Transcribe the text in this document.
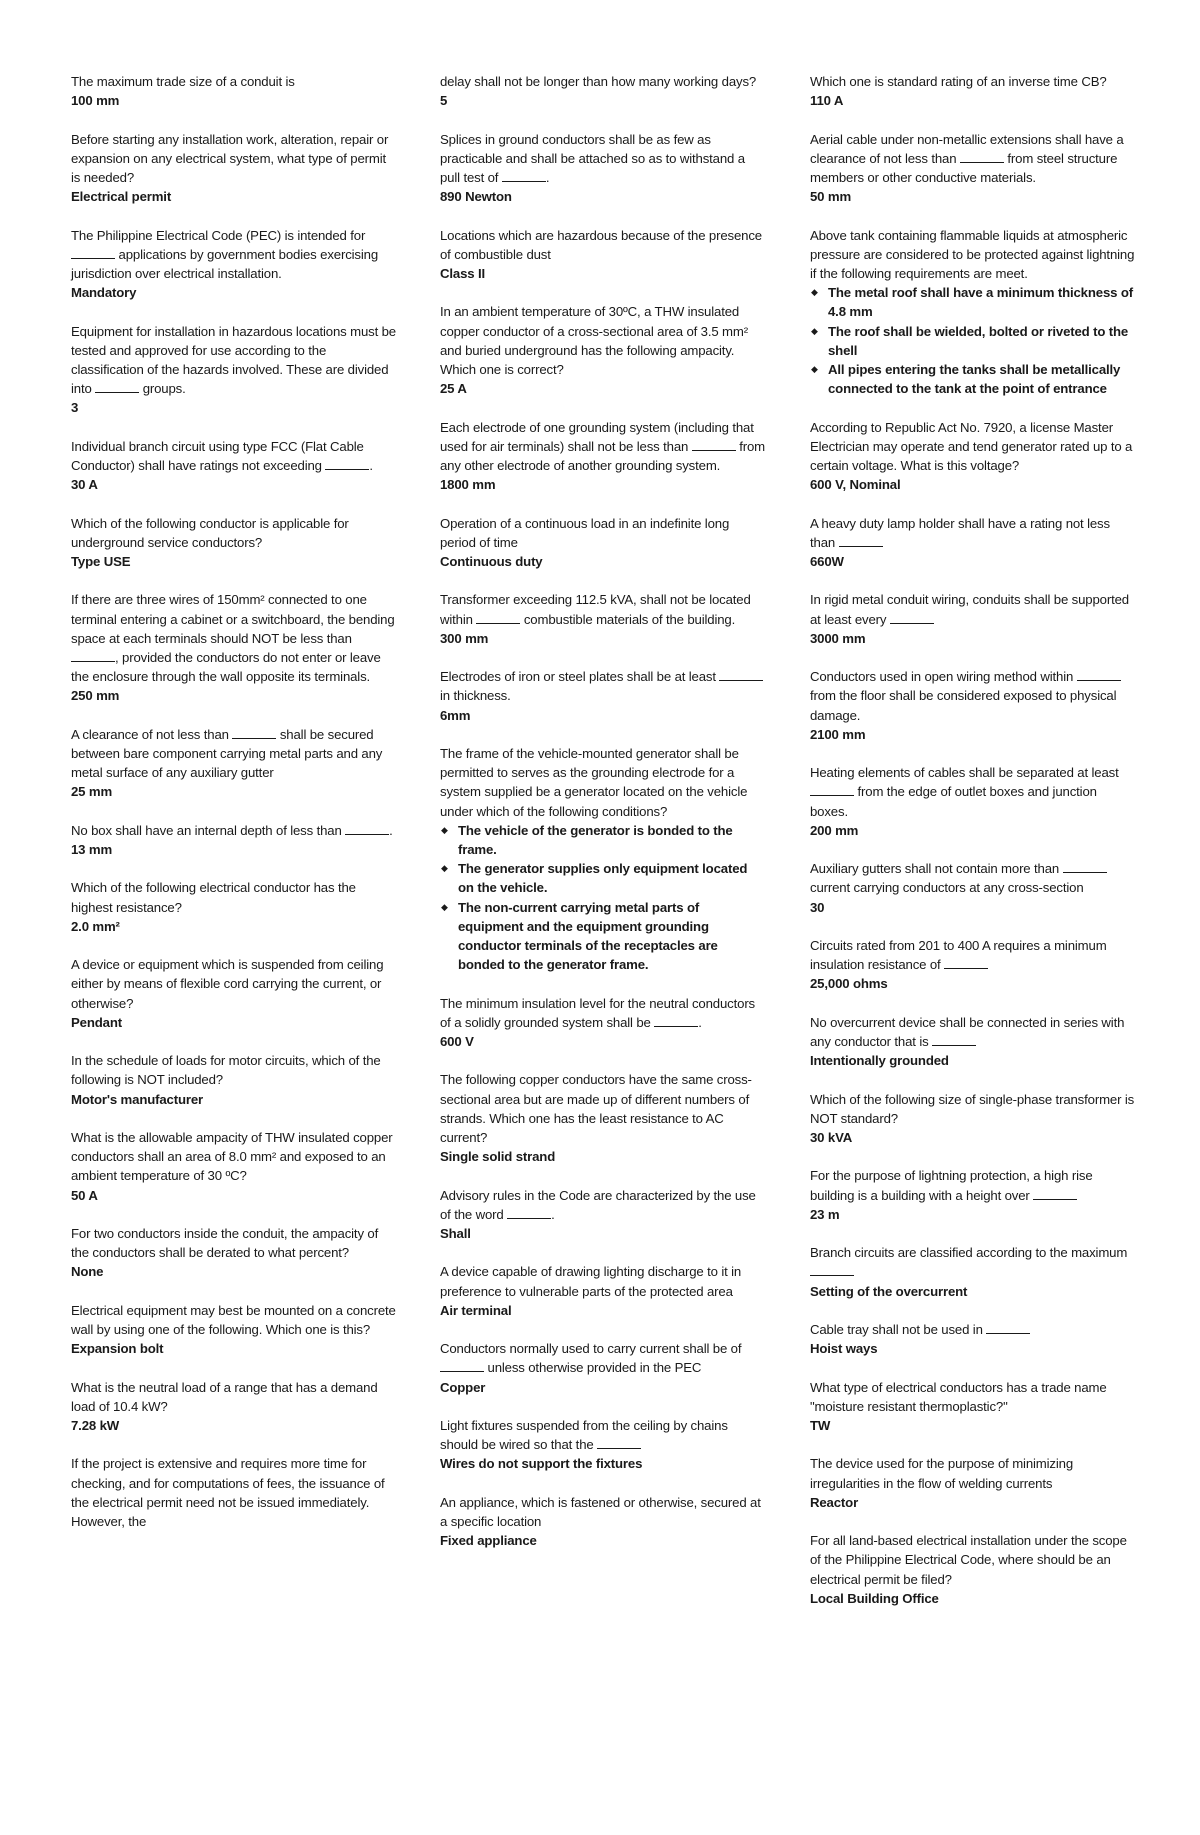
The maximum trade size of a conduit is

100 mm

Before starting any installation work, alteration, repair or expansion on any electrical system, what type of permit is needed?

Electrical permit

The Philippine Electrical Code (PEC) is intended for  applications by government bodies exercising jurisdiction over electrical installation.

Mandatory

Equipment for installation in hazardous locations must be tested and approved for use according to the classification of the hazards involved. These are divided into	groups.

3

Individual branch circuit using type FCC (Flat Cable Conductor) shall have ratings not exceeding	.

30 A

Which of the following conductor is applicable for underground service conductors?

Type USE

If there are three wires of 150mm² connected to one terminal entering a cabinet or a switchboard, the bending space at each terminals should NOT be less than , provided the conductors do not enter or leave the enclosure through the wall opposite its terminals.

250 mm

A clearance of not less than	shall be secured between bare component carrying metal parts and any metal surface of any auxiliary gutter

25 mm

No box shall have an internal depth of less than	.

13 mm

Which of the following electrical conductor has the highest resistance?

2.0 mm²

A device or equipment which is suspended from ceiling either by means of flexible cord carrying the current, or otherwise?

Pendant

In the schedule of loads for motor circuits, which of the following is NOT included?

Motor's manufacturer

What is the allowable ampacity of THW insulated copper conductors shall an area of 8.0 mm² and exposed to an ambient temperature of 30 ºC?

50 A

For two conductors inside the conduit, the ampacity of the conductors shall be derated to what percent?

None

Electrical equipment may best be mounted on a concrete wall by using one of the following. Which one is this?

Expansion bolt

What is the neutral load of a range that has a demand load of 10.4 kW?

7.28 kW

If the project is extensive and requires more time for checking, and for computations of fees, the issuance of the electrical permit need not be issued immediately. However, the

delay shall not be longer than how many working days?

5

Splices in ground conductors shall be as few as practicable and shall be attached so as to withstand a pull test of	.

890 Newton

Locations which are hazardous because of the presence of combustible dust

Class II

In an ambient temperature of 30ºC, a THW insulated copper conductor of a cross-sectional area of 3.5 mm² and buried underground has the following ampacity. Which one is correct?

25 A

Each electrode of one grounding system (including that used for air terminals) shall not be less than	from any other electrode of another grounding system.

1800 mm

Operation of a continuous load in an indefinite long period of time

Continuous duty

Transformer exceeding 112.5 kVA, shall not be located within	combustible materials of the building.

300 mm

Electrodes of iron or steel plates shall be at least  in thickness.

6mm

The frame of the vehicle-mounted generator shall be permitted to serves as the grounding electrode for a system supplied be a generator located on the vehicle under which of the following conditions?

◆ The vehicle of the generator is bonded to the frame.
◆ The generator supplies only equipment located on the vehicle.
◆ The non-current carrying metal parts of equipment and the equipment grounding conductor terminals of the receptacles are bonded to the generator frame.

The minimum insulation level for the neutral conductors of a solidly grounded system shall be	.

600 V

The following copper conductors have the same cross-sectional area but are made up of different numbers of strands. Which one has the least resistance to AC current?

Single solid strand

Advisory rules in the Code are characterized by the use of the word	.

Shall

A device capable of drawing lighting discharge to it in preference to vulnerable parts of the protected area

Air terminal

Conductors normally used to carry current shall be of  unless otherwise provided in the PEC

Copper

Light fixtures suspended from the ceiling by chains should be wired so that the

Wires do not support the fixtures

An appliance, which is fastened or otherwise, secured at a specific location

Fixed appliance

Which one is standard rating of an inverse time CB?

110 A

Aerial cable under non-metallic extensions shall have a clearance of not less than	from steel structure members or other conductive materials.

50 mm

Above tank containing flammable liquids at atmospheric pressure are considered to be protected against lightning if the following requirements are meet.

◆ The metal roof shall have a minimum thickness of 4.8 mm
◆ The roof shall be wielded, bolted or riveted to the shell
◆ All pipes entering the tanks shall be metallically connected to the tank at the point of entrance

According to Republic Act No. 7920, a license Master Electrician may operate and tend generator rated up to a certain voltage. What is this voltage?

600 V, Nominal

A heavy duty lamp holder shall have a rating not less than

660W

In rigid metal conduit wiring, conduits shall be supported at least every

3000 mm

Conductors used in open wiring method within  from the floor shall be considered exposed to physical damage.

2100 mm

Heating elements of cables shall be separated at least  from the edge of outlet boxes and junction boxes.

200 mm

Auxiliary gutters shall not contain more than  current carrying conductors at any cross-section

30

Circuits rated from 201 to 400 A requires a minimum insulation resistance of

25,000 ohms

No overcurrent device shall be connected in series with any conductor that is

Intentionally grounded

Which of the following size of single-phase transformer is NOT standard?

30 kVA

For the purpose of lightning protection, a high rise building is a building with a height over

23 m

Branch circuits are classified according to the maximum

Setting of the overcurrent

Cable tray shall not be used in

Hoist ways

What type of electrical conductors has a trade name "moisture resistant thermoplastic?"

TW

The device used for the purpose of minimizing irregularities in the flow of welding currents

Reactor

For all land-based electrical installation under the scope of the Philippine Electrical Code, where should be an electrical permit be filed?

Local Building Office
